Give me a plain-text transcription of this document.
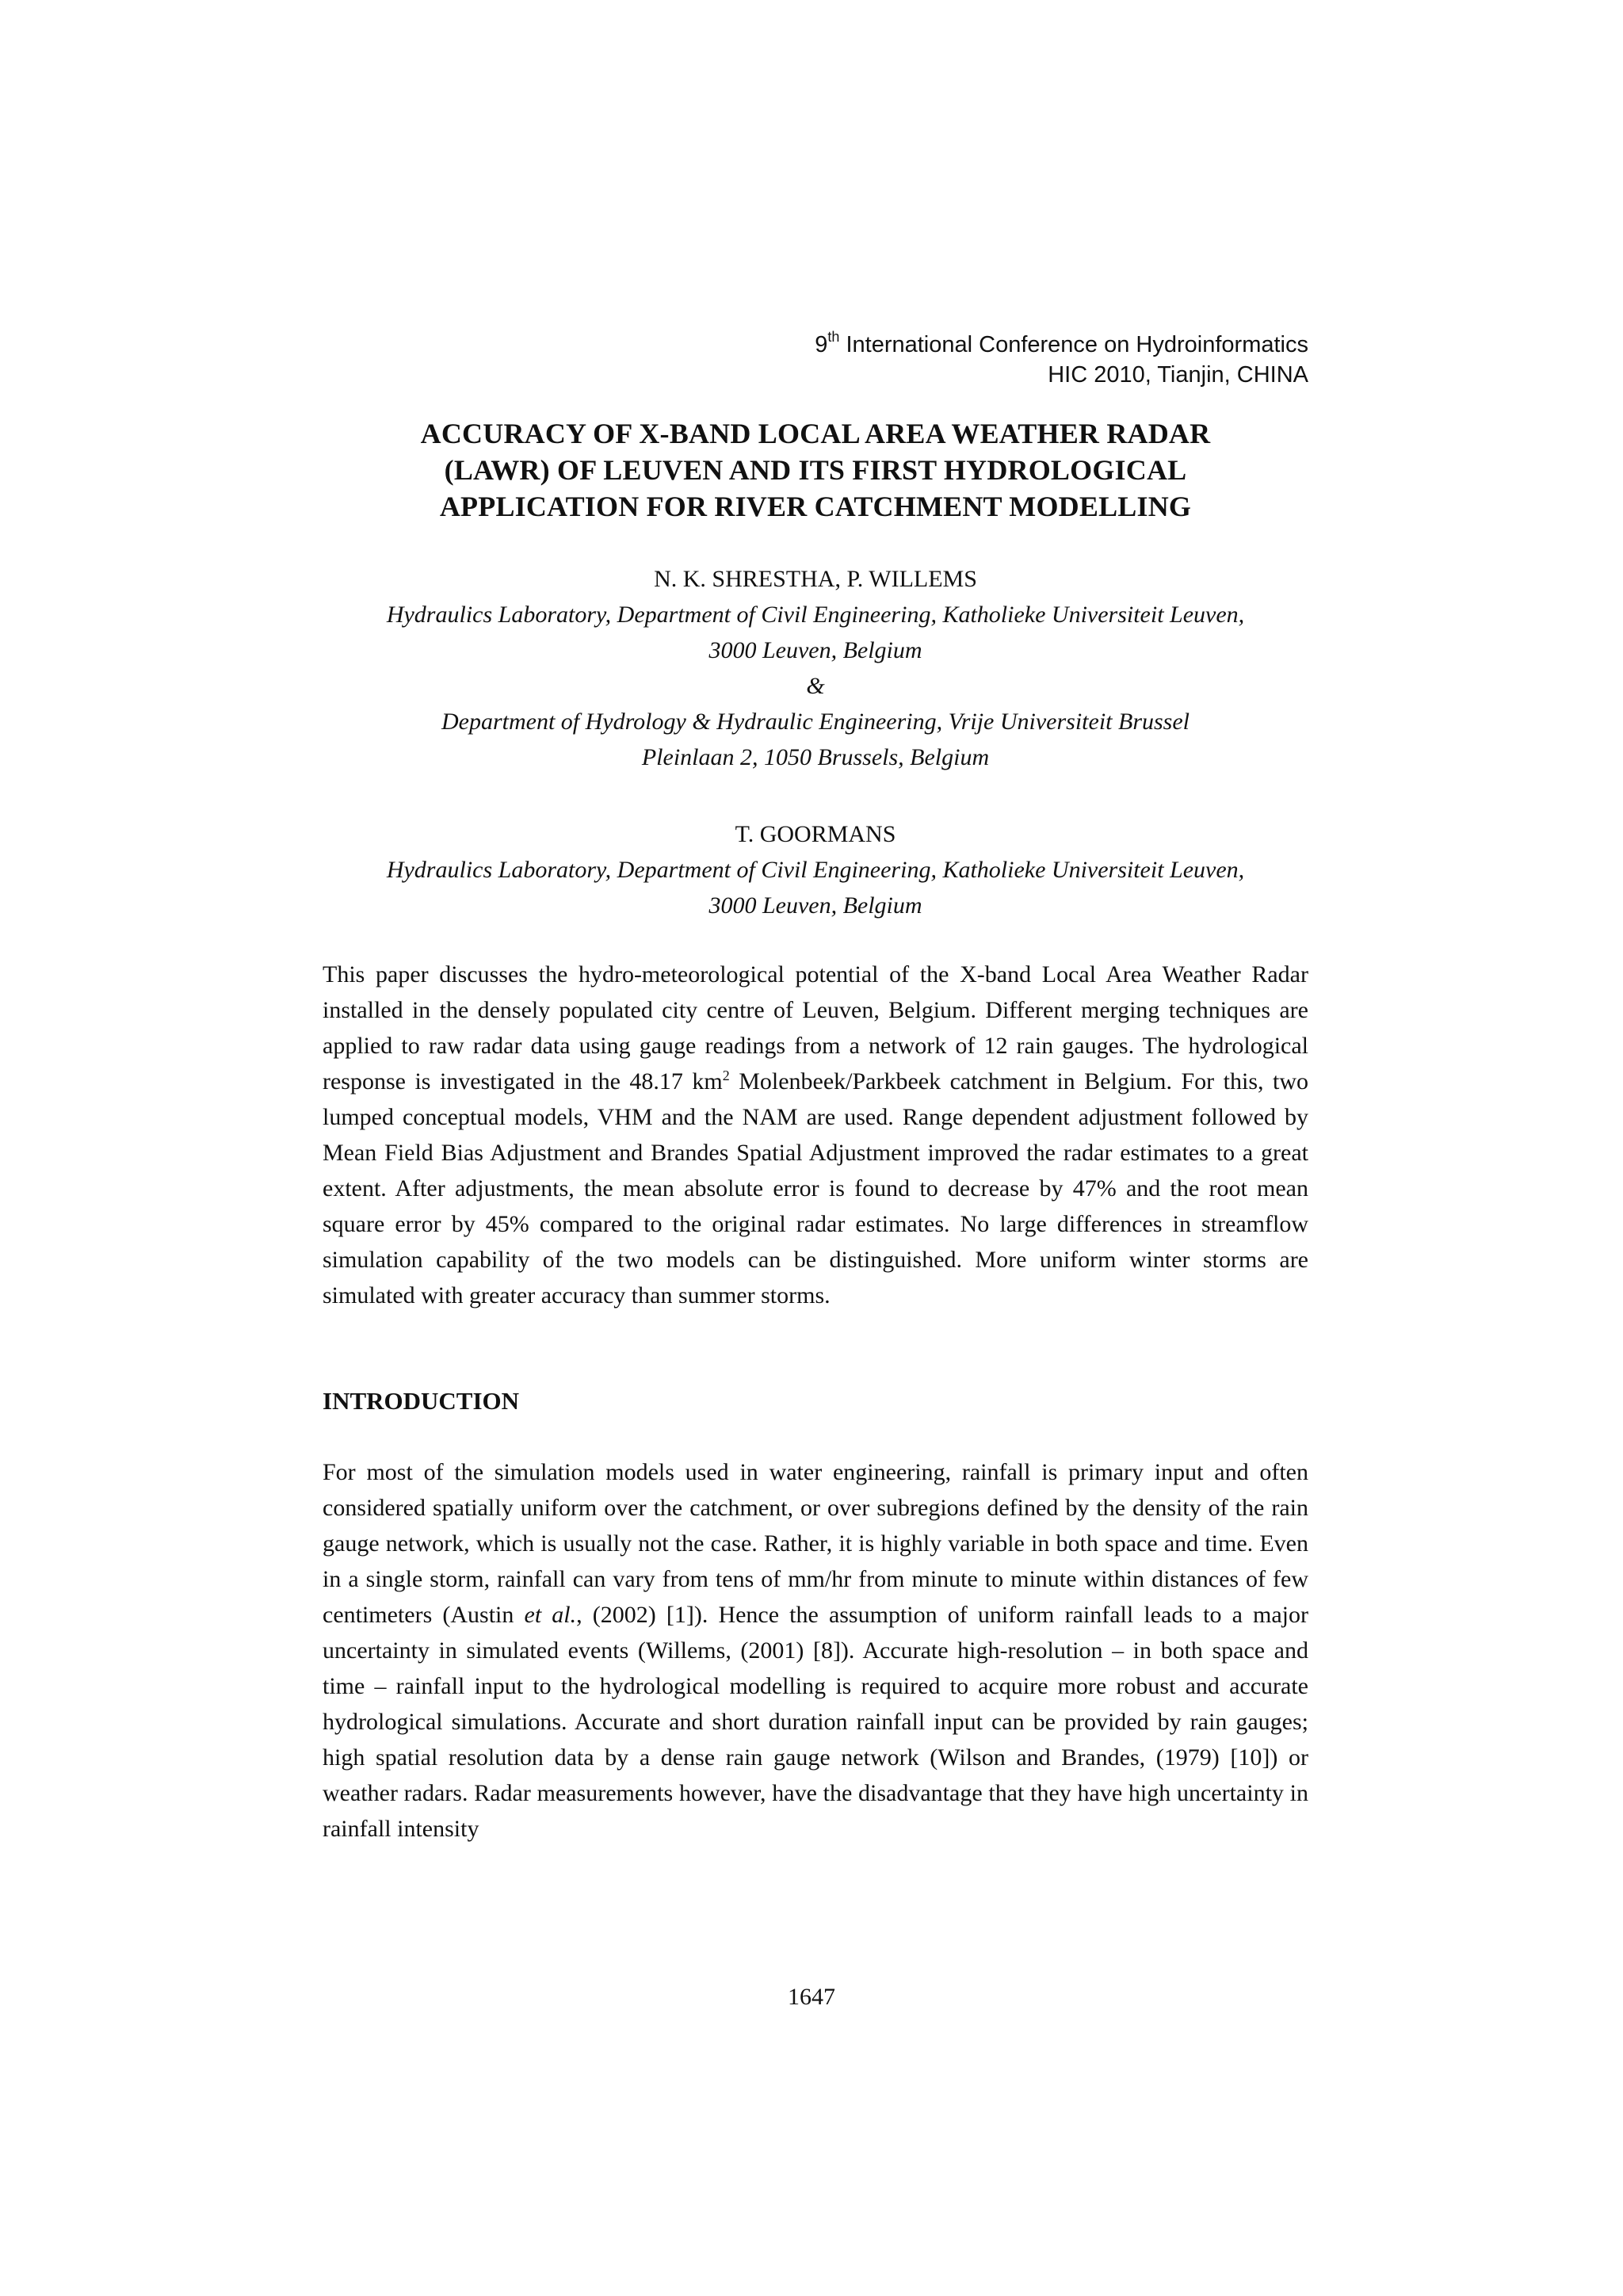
9th International Conference on Hydroinformatics
HIC 2010, Tianjin, CHINA
ACCURACY OF X-BAND LOCAL AREA WEATHER RADAR
(LAWR) OF LEUVEN AND ITS FIRST HYDROLOGICAL
APPLICATION FOR RIVER CATCHMENT MODELLING
N. K. SHRESTHA, P. WILLEMS
Hydraulics Laboratory, Department of Civil Engineering, Katholieke Universiteit Leuven,
3000 Leuven, Belgium
&
Department of Hydrology & Hydraulic Engineering, Vrije Universiteit Brussel
Pleinlaan 2, 1050 Brussels, Belgium
T. GOORMANS
Hydraulics Laboratory, Department of Civil Engineering, Katholieke Universiteit Leuven,
3000 Leuven, Belgium
This paper discusses the hydro-meteorological potential of the X-band Local Area Weather Radar installed in the densely populated city centre of Leuven, Belgium. Different merging techniques are applied to raw radar data using gauge readings from a network of 12 rain gauges. The hydrological response is investigated in the 48.17 $km^2$ Molenbeek/Parkbeek catchment in Belgium. For this, two lumped conceptual models, VHM and the NAM are used. Range dependent adjustment followed by Mean Field Bias Adjustment and Brandes Spatial Adjustment improved the radar estimates to a great extent. After adjustments, the mean absolute error is found to decrease by 47% and the root mean square error by 45% compared to the original radar estimates. No large differences in streamflow simulation capability of the two models can be distinguished. More uniform winter storms are simulated with greater accuracy than summer storms.
INTRODUCTION
For most of the simulation models used in water engineering, rainfall is primary input and often considered spatially uniform over the catchment, or over subregions defined by the density of the rain gauge network, which is usually not the case. Rather, it is highly variable in both space and time. Even in a single storm, rainfall can vary from tens of mm/hr from minute to minute within distances of few centimeters (Austin et al., (2002) [1]). Hence the assumption of uniform rainfall leads to a major uncertainty in simulated events (Willems, (2001) [8]). Accurate high-resolution – in both space and time – rainfall input to the hydrological modelling is required to acquire more robust and accurate hydrological simulations. Accurate and short duration rainfall input can be provided by rain gauges; high spatial resolution data by a dense rain gauge network (Wilson and Brandes, (1979) [10]) or weather radars. Radar measurements however, have the disadvantage that they have high uncertainty in rainfall intensity
1647
